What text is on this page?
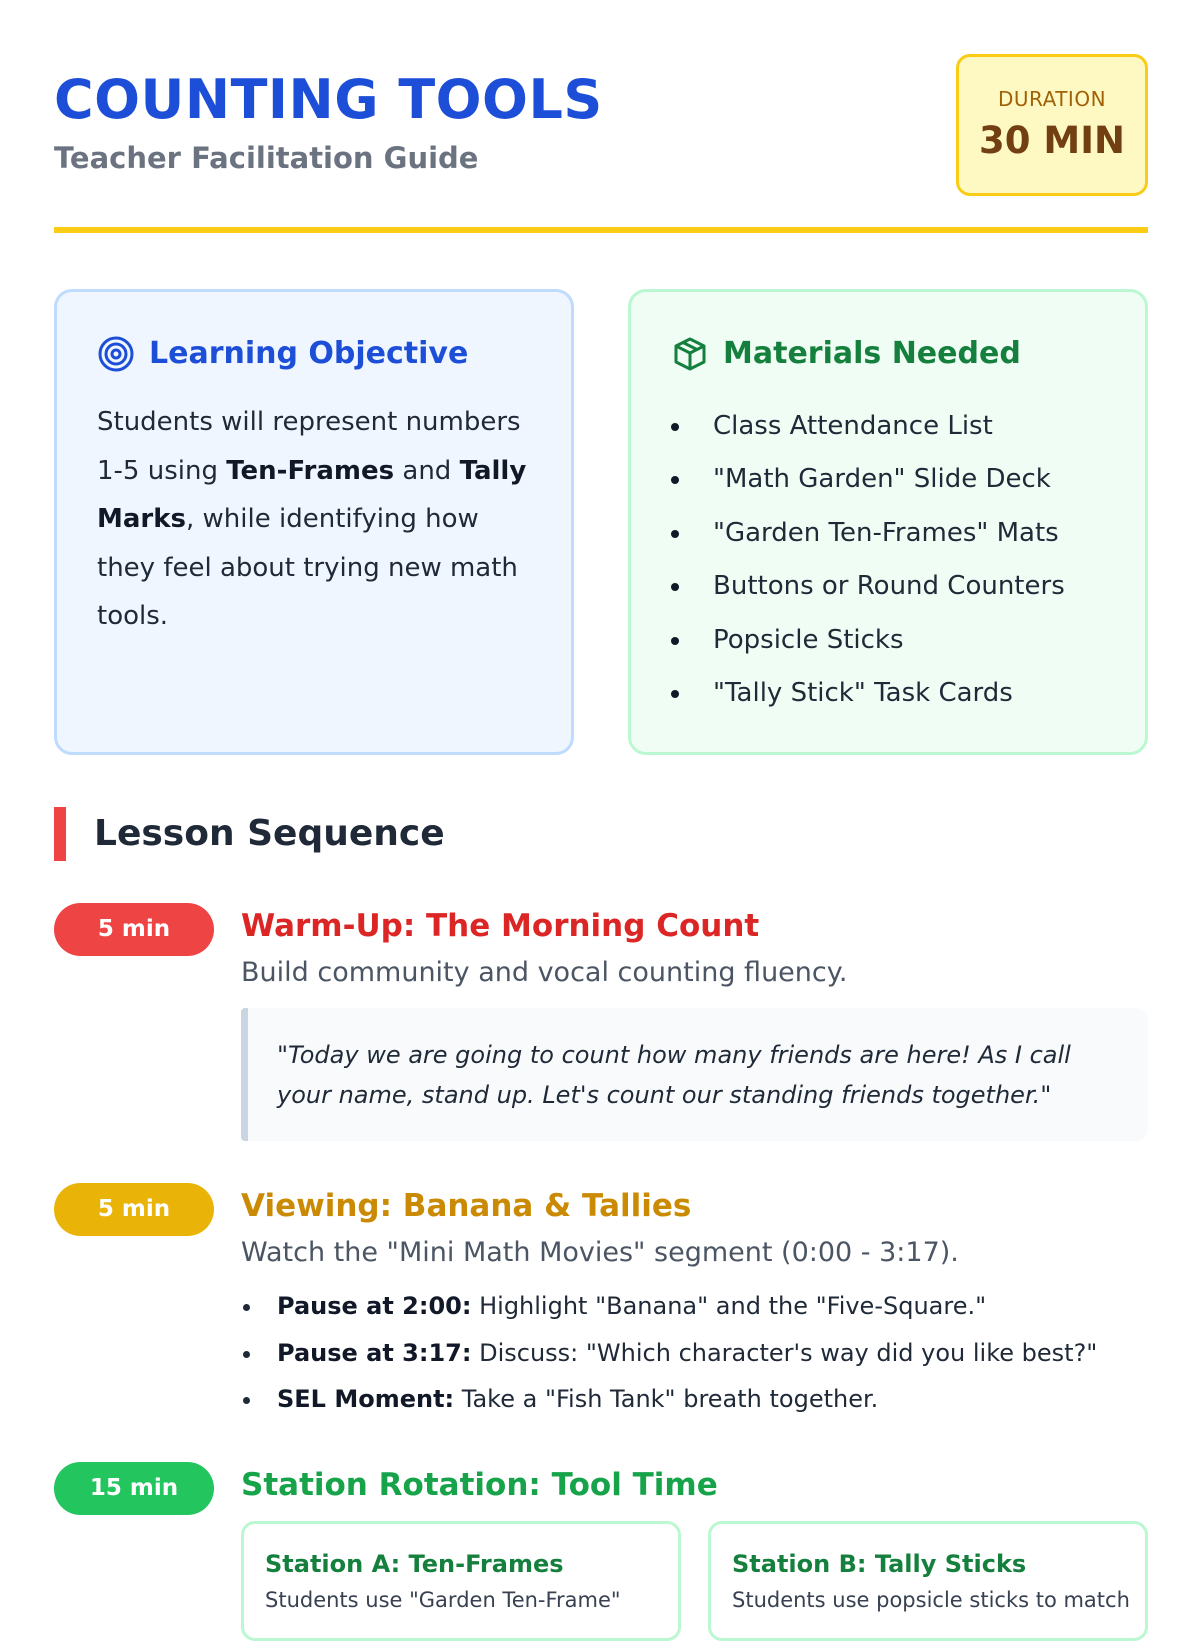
COUNTING TOOLS

Teacher Facilitation Guide

DURATION
30 MIN
Learning Objective

Students will represent numbers 1-5 using Ten-Frames and Tally Marks, while identifying how they feel about trying new math tools.

Materials Needed
Class Attendance List
"Math Garden" Slide Deck
"Garden Ten-Frames" Mats
Buttons or Round Counters
Popsicle Sticks
"Tally Stick" Task Cards
Lesson Sequence
5 min	Warm-Up: The Morning Count

Build community and vocal counting fluency.

"Today we are going to count how many friends are here! As I call your name, stand up. Let's count our standing friends together."

5 min	Viewing: Banana & Tallies

Watch the "Mini Math Movies" segment (0:00 - 3:17).

Pause at 2:00: Highlight "Banana" and the "Five-Square."
Pause at 3:17: Discuss: "Which character's way did you like best?"
SEL Moment: Take a "Fish Tank" breath together.
15 min	Station Rotation: Tool Time
Station A: Ten-Frames

Students use "Garden Ten-Frame"

Station B: Tally Sticks

Students use popsicle sticks to match
